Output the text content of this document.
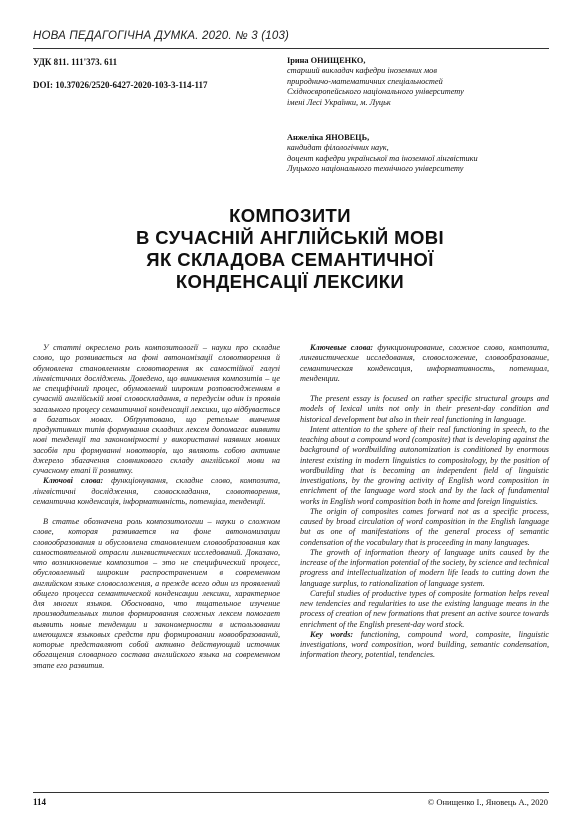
НОВА ПЕДАГОГІЧНА ДУМКА. 2020. № 3 (103)
УДК 811. 111'373. 611
DOI: 10.37026/2520-6427-2020-103-3-114-117
Ірина ОНИЩЕНКО,
старший викладач кафедри іноземних мов
природничо-математичних спеціальностей
Східноєвропейського національного університету
імені Лесі Українки, м. Луцьк
Анжеліка ЯНОВЕЦЬ,
кандидат філологічних наук,
доцент кафедри української та іноземної лінгвістики
Луцького національного технічного університету
КОМПОЗИТИ
В СУЧАСНІЙ АНГЛІЙСЬКІЙ МОВІ
ЯК СКЛАДОВА СЕМАНТИЧНОЇ
КОНДЕНСАЦІЇ ЛЕКСИКИ

У статті окреслено роль композитології – науки про складне слово, що розвивається на фоні автономізації словотворення й обумовлена становленням словотворення як самостійної галузі лінгвістичних досліджень. Доведено, що виникнення композитів – це не специфічний процес, обумовлений широким розповсюдженням в сучасній англійській мові словоскладання, а передусім один із проявів загального процесу семантичної конденсації лексики, що відбувається в багатьох мовах. Обґрунтовано, що ретельне вивчення продуктивних типів формування складних лексем допомагає виявити нові тенденції та закономірності у використанні наявних мовних засобів при формуванні новотворів, що являють собою активне джерело збагачення словникового складу англійської мови на сучасному етапі її розвитку.

Ключові слова: функціонування, складне слово, композита, лінгвістичні дослідження, словоскладання, словотворення, семантична конденсація, інформативність, потенціал, тенденції.

В статье обозначена роль композитологии – науки о сложном слове, которая развивается на фоне автономизации словообразования и обусловлена становлением словообразования как самостоятельной отрасли лингвистических исследований. Доказано, что возникновение композитов – это не специфический процесс, обусловленный широким распространением в современном английском языке словосложения, а прежде всего один из проявлений общего процесса семантической конденсации лексики, характерное для многих языков. Обосновано, что тщательное изучение производительных типов формирования сложных лексем помогает выявить новые тенденции и закономерности в использовании имеющихся языковых средств при формировании новообразований, которые представляют собой активно действующий источник обогащения словарного состава английского языка на современном этапе его развития.

Ключевые слова: функционирование, сложное слово, композита, лингвистические исследования, словосложение, словообразование, семантическая конденсация, информативность, потенциал, тенденции.

The present essay is focused on rather specific structural groups and models of lexical units not only in their present-day condition and historical development but also in their real functioning in language.

Intent attention to the sphere of their real functioning in speech, to the teaching about a compound word (composite) that is developing against the background of wordbuilding autonomization is conditioned by enormous interest existing in modern linguistics to compositology, by the position of wordbuilding that is becoming an independent field of linguistic investigations, by the growing activity of English word composition in enrichment of the language word stock and by the lack of fundamental works in English word composition both in home and foreign linguistics.

The origin of composites comes forward not as a specific process, caused by broad circulation of word composition in the English language but as one of manifestations of the general process of semantic condensation of the vocabulary that is proceeding in many languages.

The growth of information theory of language units caused by the increase of the information potential of the society, by science and technical progress and intellectualization of modern life leads to cutting down the language surplus, to rationalization of language system.

Careful studies of productive types of composite formation helps reveal new tendencies and regularities to use the existing language means in the process of creation of new formations that present an active source towards enrichment of the English present-day word stock.

Key words: functioning, compound word, composite, linguistic investigations, word composition, word building, semantic condensation, information theory, potential, tendencies.

114	© Онищенко І., Яновець А., 2020
